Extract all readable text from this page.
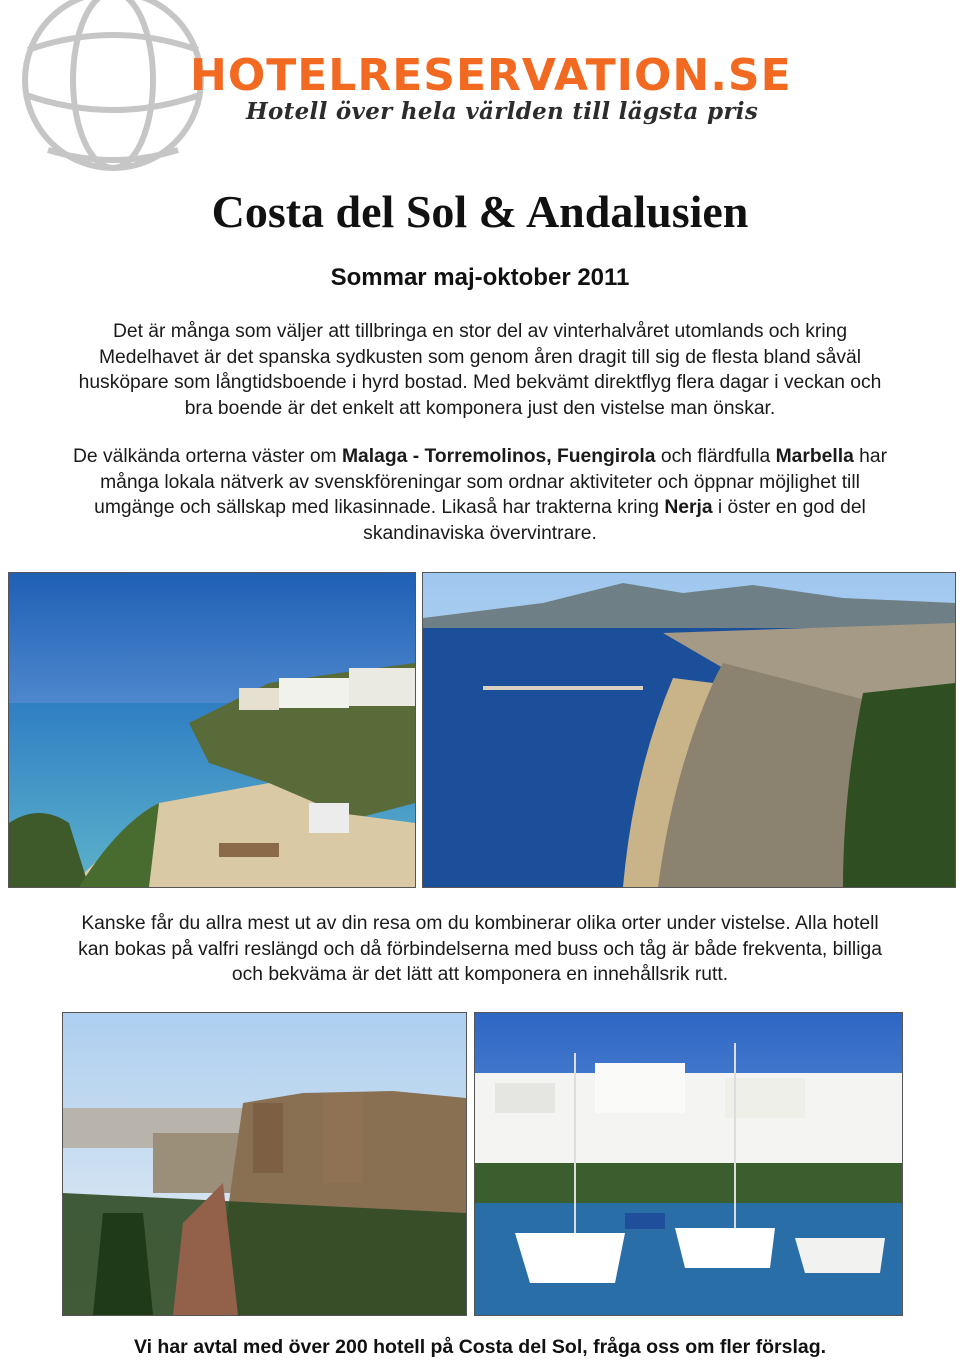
HOTELRESERVATION.SE
Hotell över hela världen till lägsta pris
Costa del Sol & Andalusien
Sommar maj-oktober 2011
Det är många som väljer att tillbringa en stor del av vinterhalvåret utomlands och kring
Medelhavet är det spanska sydkusten som genom åren dragit till sig de flesta bland såväl
husköpare som långtidsboende i hyrd bostad. Med bekvämt direktflyg flera dagar i veckan och
bra boende är det enkelt att komponera just den vistelse man önskar.
De välkända orterna väster om Malaga - Torremolinos, Fuengirola och flärdfulla Marbella har
många lokala nätverk av svenskföreningar som ordnar aktiviteter och öppnar möjlighet till
umgänge och sällskap med likasinnade. Likaså har trakterna kring Nerja i öster en god del
skandinaviska övervintrare.
Kanske får du allra mest ut av din resa om du kombinerar olika orter under vistelse. Alla hotell
kan bokas på valfri reslängd och då förbindelserna med buss och tåg är både frekventa, billiga
och bekväma är det lätt att komponera en innehållsrik rutt.
Vi har avtal med över 200 hotell på Costa del Sol, fråga oss om fler förslag.
